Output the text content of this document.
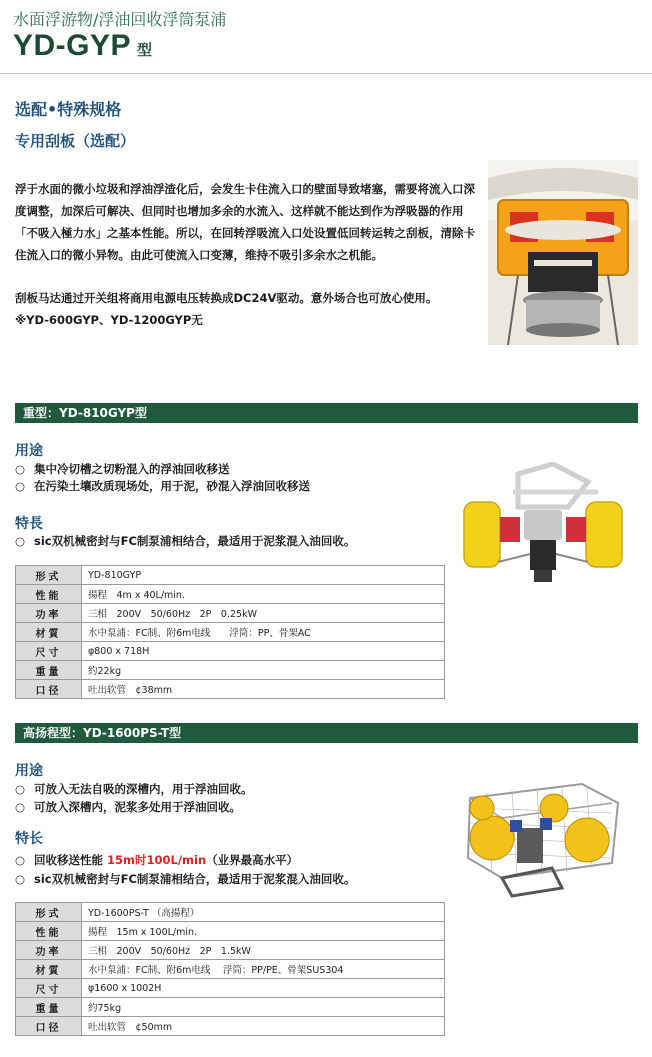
水面浮游物/浮油回收浮筒泵浦
YD-GYP 型
选配•特殊规格
专用刮板（选配）
浮于水面的微小垃圾和浮油浮渣化后，会发生卡住流入口的壁面导致堵塞，需要将流入口深度调整，加深后可解决、但同时也增加多余的水流入、这样就不能达到作为浮吸器的作用「不吸入極力水」之基本性能。所以，在回转浮吸流入口处设置低回转运转之刮板，清除卡住流入口的微小异物。由此可使流入口变薄，维持不吸引多余水之机能。
刮板马达通过开关组将商用电源电压转换成DC24V驱动。意外场合也可放心使用。
※YD-600GYP、YD-1200GYP无
重型：YD-810GYP型
用途
○ 集中冷切槽之切粉混入的浮油回收移送
○ 在污染土壤改质现场处，用于泥，砂混入浮油回收移送
特長
○ sic双机械密封与FC制泵浦相结合，最适用于泥浆混入油回收。
形式	YD-810GYP
性能	揚程　4m x 40L/min.
功率	三相　200V　50/60Hz　2P　0.25kW
材質	水中泵浦：FC制、附6m电线　　浮筒：PP、骨架AC
尺寸	φ800 x 718H
重量	約22kg
口径	吐出软管　¢38mm
高扬程型：YD-1600PS-T型
用途
○ 可放入无法自吸的深槽内，用于浮油回收。
○ 可放入深槽内，泥浆多处用于浮油回收。
特长
○ 回收移送性能 15m时100L/min（业界最高水平）
○ sic双机械密封与FC制泵浦相结合，最适用于泥浆混入油回收。
形式	YD-1600PS-T （高揚程）
性能	揚程　15m x 100L/min.
功率	三相　200V　50/60Hz　2P　1.5kW
材質	水中泵浦：FC制、附6m电线　 浮筒：PP/PE、骨架SUS304
尺寸	φ1600 x 1002H
重量	約75kg
口径	吐出软管　¢50mm
